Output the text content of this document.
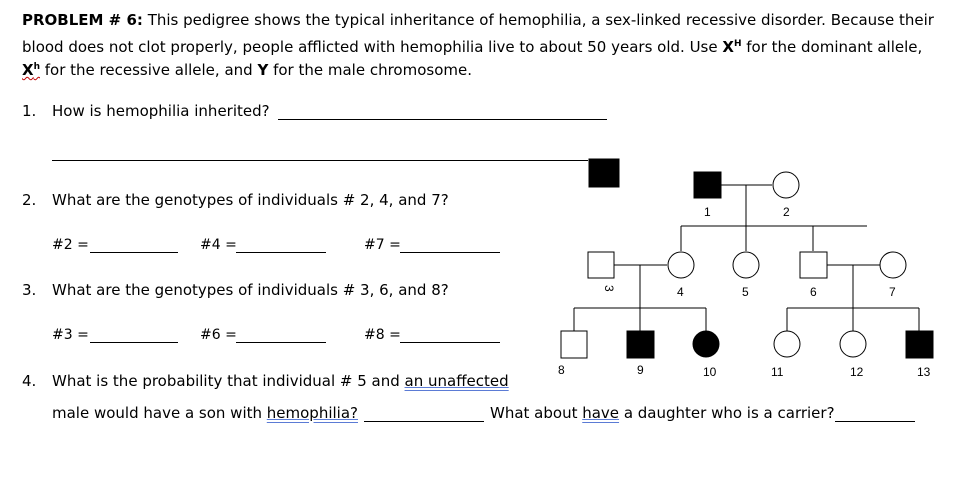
PROBLEM # 6: This pedigree shows the typical inheritance of hemophilia, a sex-linked recessive disorder. Because their
blood does not clot properly, people afflicted with hemophilia live to about 50 years old. Use $X^H$ for the dominant allele,
$X^h$ for the recessive allele, and Y for the male chromosome.
1. How is hemophilia inherited?
2. What are the genotypes of individuals # 2, 4, and 7?
#2 =	#4 =	#7 =
3. What are the genotypes of individuals # 3, 6, and 8?
#3 =	#6 =	#8 =
4. What is the probability that individual # 5 and an unaffected
male would have a son with hemophilia?	What about have a daughter who is a carrier?
1	2
3	4	5	6	7
8	9	10	11	12	13
